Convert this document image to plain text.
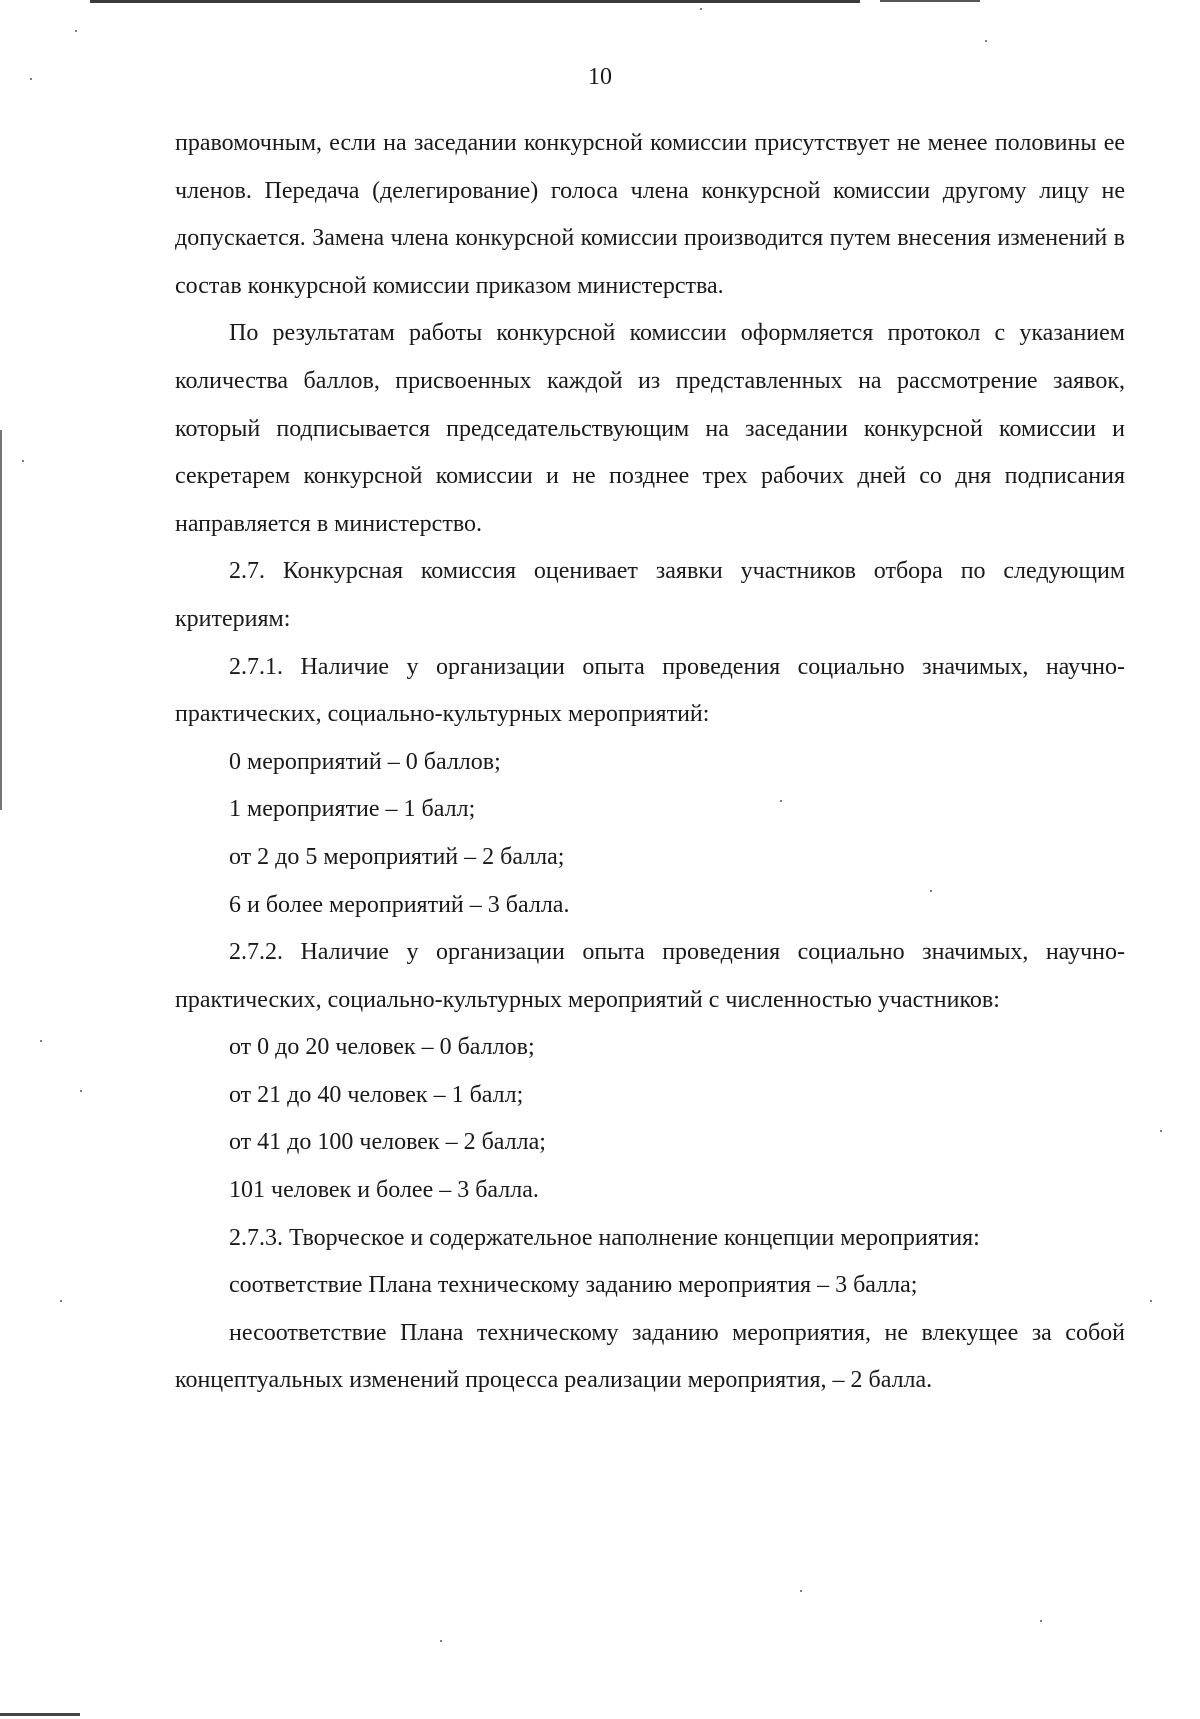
10

правомочным, если на заседании конкурсной комиссии присутствует не менее половины ее членов. Передача (делегирование) голоса члена конкурсной комиссии другому лицу не допускается. Замена члена конкурсной комиссии производится путем внесения изменений в состав конкурсной комиссии приказом министерства.

По результатам работы конкурсной комиссии оформляется протокол с указанием количества баллов, присвоенных каждой из представленных на рассмотрение заявок, который подписывается председательствующим на заседании конкурсной комиссии и секретарем конкурсной комиссии и не позднее трех рабочих дней со дня подписания направляется в министерство.

2.7. Конкурсная комиссия оценивает заявки участников отбора по следующим критериям:

2.7.1. Наличие у организации опыта проведения социально значимых, научно-практических, социально-культурных мероприятий:

0 мероприятий – 0 баллов;

1 мероприятие – 1 балл;

от 2 до 5 мероприятий – 2 балла;

6 и более мероприятий – 3 балла.

2.7.2. Наличие у организации опыта проведения социально значимых, научно-практических, социально-культурных мероприятий с численностью участников:

от 0 до 20 человек – 0 баллов;

от 21 до 40 человек – 1 балл;

от 41 до 100 человек – 2 балла;

101 человек и более – 3 балла.

2.7.3. Творческое и содержательное наполнение концепции мероприятия:

соответствие Плана техническому заданию мероприятия – 3 балла;

несоответствие Плана техническому заданию мероприятия, не влекущее за собой концептуальных изменений процесса реализации мероприятия, – 2 балла.
